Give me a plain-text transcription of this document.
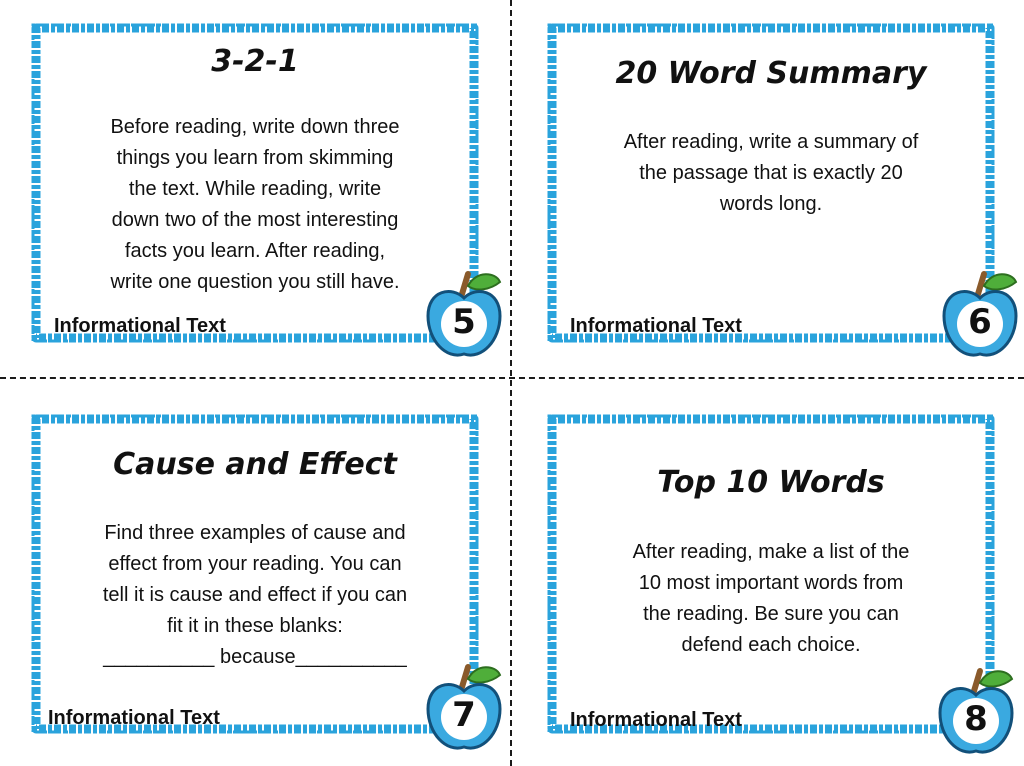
3-2-1

Before reading, write down three
things you learn from skimming
the text. While reading, write
down two of the most interesting
facts you learn. After reading,
write one question you still have.

Informational Text	5
20 Word Summary

After reading, write a summary of
the passage that is exactly 20
words long.

Informational Text	6
Cause and Effect

Find three examples of cause and
effect from your reading. You can
tell it is cause and effect if you can
fit it in these blanks:
__________ because__________

Informational Text	7
Top 10 Words

After reading, make a list of the
10 most important words from
the reading. Be sure you can
defend each choice.

Informational Text	8
